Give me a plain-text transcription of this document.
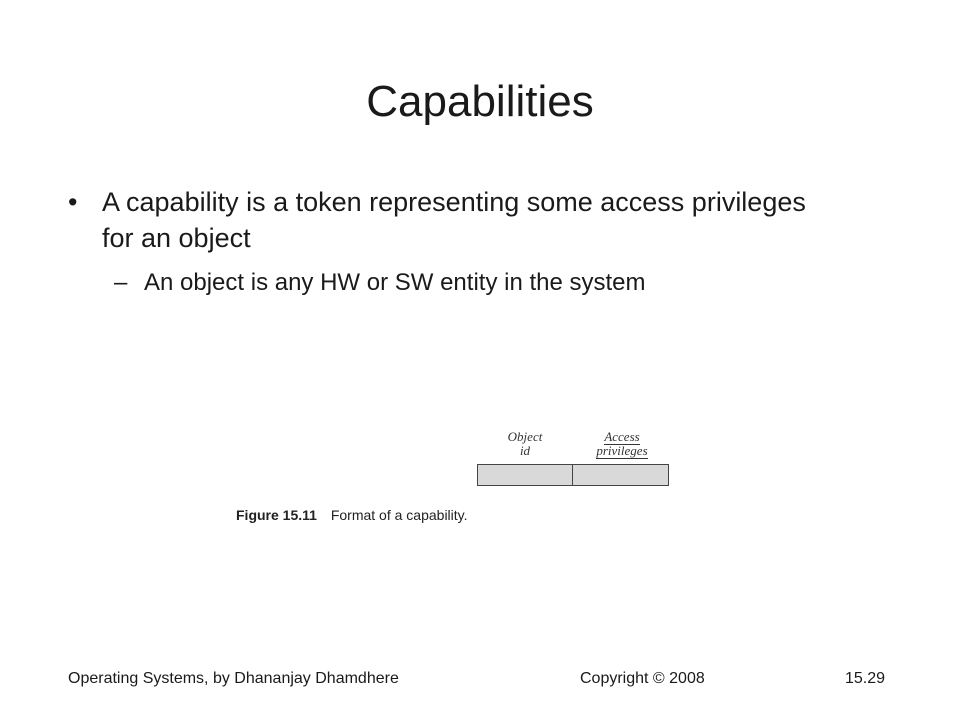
Capabilities
• A capability is a token representing some access privileges for an object
– An object is any HW or SW entity in the system
Object
id
Access
privileges
Figure 15.11 Format of a capability.
Operating Systems, by Dhananjay Dhamdhere	Copyright © 2008	15.29
